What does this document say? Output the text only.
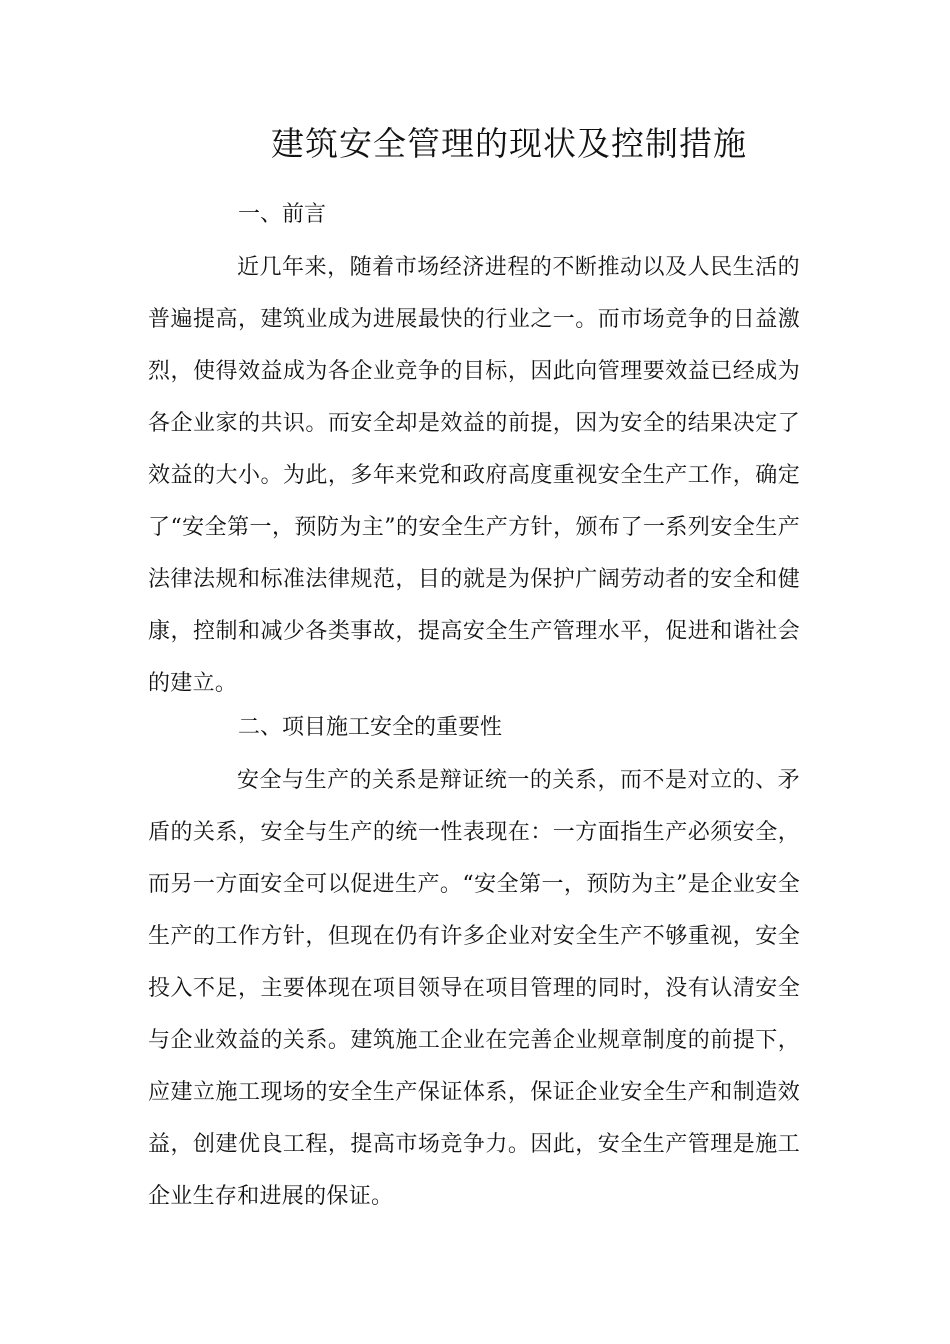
建筑安全管理的现状及控制措施
一、前言

近几年来，随着市场经济进程的不断推动以及人民生活的普遍提高，建筑业成为进展最快的行业之一。而市场竞争的日益激烈，使得效益成为各企业竞争的目标，因此向管理要效益已经成为各企业家的共识。而安全却是效益的前提，因为安全的结果决定了效益的大小。为此，多年来党和政府高度重视安全生产工作，确定了“安全第一，预防为主”的安全生产方针，颁布了一系列安全生产法律法规和标准法律规范，目的就是为保护广阔劳动者的安全和健康，控制和减少各类事故，提高安全生产管理水平，促进和谐社会的建立。

二、项目施工安全的重要性

安全与生产的关系是辩证统一的关系，而不是对立的、矛盾的关系，安全与生产的统一性表现在：一方面指生产必须安全，而另一方面安全可以促进生产。“安全第一，预防为主”是企业安全生产的工作方针，但现在仍有许多企业对安全生产不够重视，安全投入不足，主要体现在项目领导在项目管理的同时，没有认清安全与企业效益的关系。建筑施工企业在完善企业规章制度的前提下，应建立施工现场的安全生产保证体系，保证企业安全生产和制造效益，创建优良工程，提高市场竞争力。因此，安全生产管理是施工企业生存和进展的保证。
